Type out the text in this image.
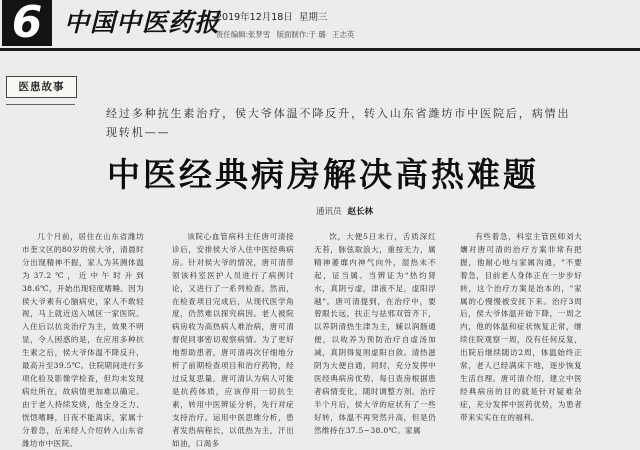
6 中国中医药报
2019年12月18日 星期三
责任编辑:张梦雪 版面制作:于 璐 王志英
医患故事
经过多种抗生素治疗，侯大爷体温不降反升，转入山东省潍坊市中医院后，病情出现转机——
中医经典病房解决高热难题
通讯员 赵长林

几个月前，居住在山东省潍坊市奎文区的80岁的侯大爷，清晨时分出现精神不振，家人为其测体温为37.2℃，近中午时升到38.6℃，开始出现轻度嗜睡。因为侯大爷素有心脑病史，家人不敢轻视，马上就近送入城区一家医院。入住后以抗炎治疗为主，效果不明显，令人困惑的是，在应用多种抗生素之后，侯大爷体温不降反升，最高升至39.5℃。住院期间进行多项化验及影像学检查，但均未发现病灶所在，故病情更加难以确定。由于老人持续发烧，他全身乏力、恍惚嗜睡，日夜不能离床，家属十分着急，后来经人介绍转入山东省潍坊市中医院。

该院心血管病科主任唐可清接诊后，安排侯大爷入住中医经典病房。针对侯大爷的情况，唐可清带领该科室医护人员进行了病例讨论，又进行了一系列检查。然而，在检查项目完成后，从现代医学角度，仍然难以探究病因。老人被院病房收为高热病人难治病，唐可清督促同事密切观察病情。为了更好地帮助患者，唐可清再次仔细地分析了前期检查项目和治疗药物，经过反复思量，唐可清认为病人可能是抗药体质，应该停用一切抗生素，转用中医辨证分析，先行对症支持治疗。运用中医思维分析，患者发热病程长，以低热为主，汗出如油，口渴多

饮，大便5日未行，舌质深红无苔，脉弦取浪大，重按无力，属精神萎靡内神气向外，湿热未不起，证当属。当辨证为"热灼肾水，真阴亏虚，津液不足，虚阳浮越"。唐可清提到，在治疗中，要曾眼长远，扶正与祛邪双管齐下，以养阴清热生津为主，辅以润肠通便，以收养为预防治疗自虚汤加减，真阴得复则虚阳自敛。清热滋阴为大便自通，同时，充分发挥中医经典病房优势，每日查房根据患者病情变化，随时调整方剂。治疗半个月后，侯大爷的症状有了一些好转，体温不再突然升高，但是仍然维持在37.5~38.0℃。家属

有些着急，科室主管医师刘大孃对唐可清的治疗方案非常有把握，他耐心地与家属沟通，"不要着急，目前老人身体正在一步步好转，这个治疗方案是治本的，"家属的心慢慢被安抚下来。治疗3周后，侯大爷体温开始下降，一周之内，他的体温和症状恢复正常，继续住院观察一周，没有任何反复，出院后继续随访2周，体温始终正常，老人已经满床下地，逐步恢复生活自理。唐可清介绍，建立中医经典病房的目的就是针对疑难杂症，充分发挥中医药优势，为患者带来实实在在的福利。
